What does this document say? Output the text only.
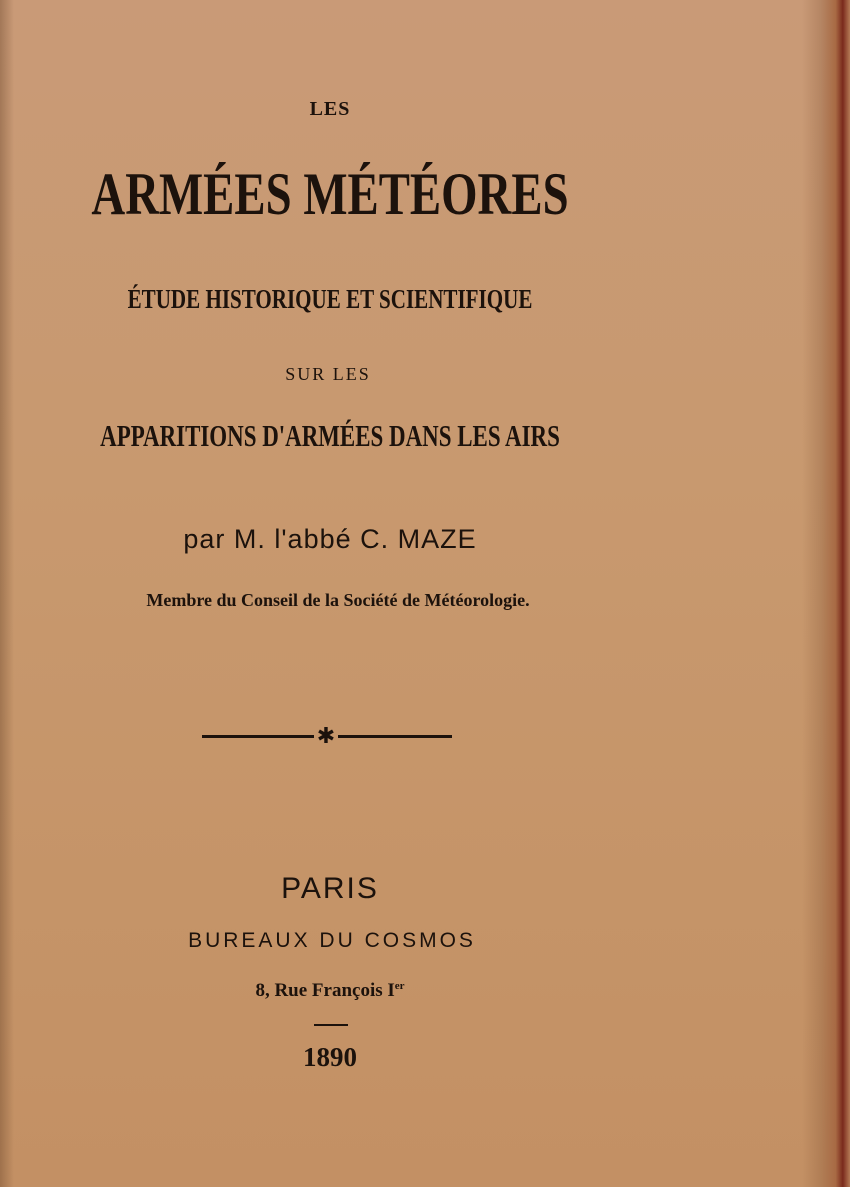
LES
ARMÉES MÉTÉORES
ÉTUDE HISTORIQUE ET SCIENTIFIQUE
SUR LES
APPARITIONS D'ARMÉES DANS LES AIRS
par M. l'abbé C. MAZE
Membre du Conseil de la Société de Météorologie.
✱
PARIS
BUREAUX DU COSMOS
8, Rue François Ier
1890
